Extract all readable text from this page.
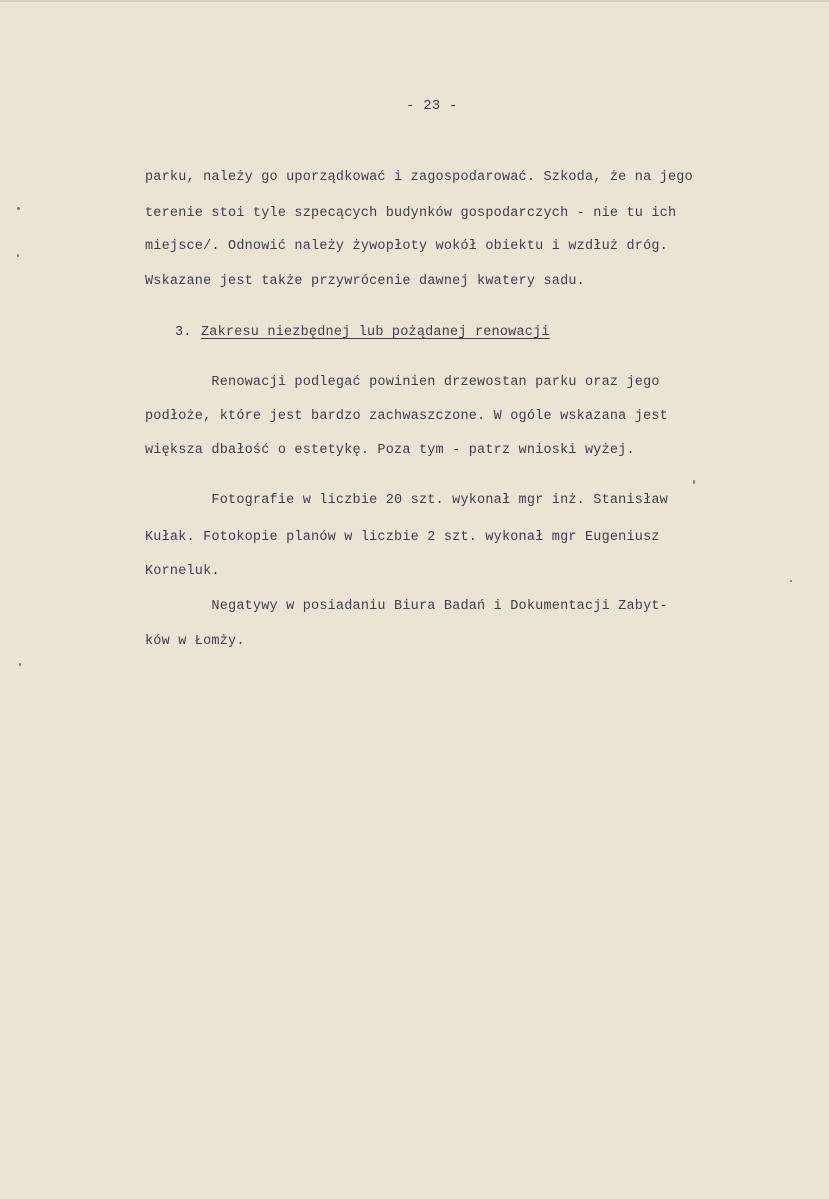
- 23 -
parku, należy go uporządkować i zagospodarować. Szkoda, że na jego
terenie stoi tyle szpecących budynków gospodarczych - nie tu ich
miejsce/. Odnowić należy żywopłoty wokół obiektu i wzdłuż dróg.
Wskazane jest także przywrócenie dawnej kwatery sadu.
3. Zakresu niezbędnej lub pożądanej renowacji
Renowacji podlegać powinien drzewostan parku oraz jego
podłoże, które jest bardzo zachwaszczone. W ogóle wskazana jest
większa dbałość o estetykę. Poza tym - patrz wnioski wyżej.
Fotografie w liczbie 20 szt. wykonał mgr inż. Stanisław
Kułak. Fotokopie planów w liczbie 2 szt. wykonał mgr Eugeniusz
Korneluk.
Negatywy w posiadaniu Biura Badań i Dokumentacji Zabyt-
ków w Łomży.
